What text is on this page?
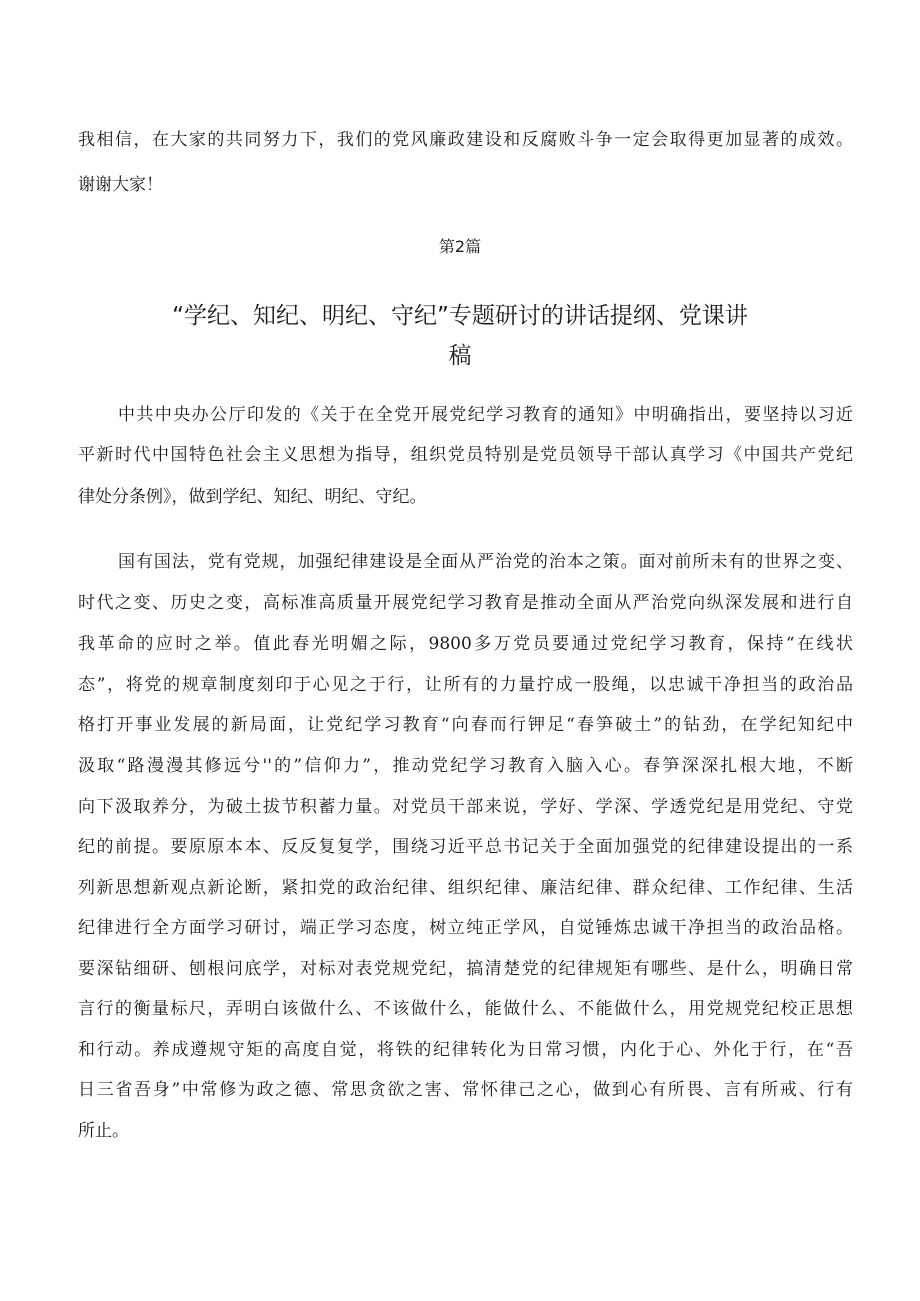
我相信，在大家的共同努力下，我们的党风廉政建设和反腐败斗争一定会取得更加显著的成效。
谢谢大家！
第2篇
“学纪、知纪、明纪、守纪”专题研讨的讲话提纲、党课讲
稿
中共中央办公厅印发的《关于在全党开展党纪学习教育的通知》中明确指出，要坚持以习近
平新时代中国特色社会主义思想为指导，组织党员特别是党员领导干部认真学习《中国共产党纪
律处分条例》，做到学纪、知纪、明纪、守纪。
国有国法，党有党规，加强纪律建设是全面从严治党的治本之策。面对前所未有的世界之变、
时代之变、历史之变，高标准高质量开展党纪学习教育是推动全面从严治党向纵深发展和进行自
我革命的应时之举。值此春光明媚之际，9800多万党员要通过党纪学习教育，保持“在线状
态”，将党的规章制度刻印于心见之于行，让所有的力量拧成一股绳，以忠诚干净担当的政治品
格打开事业发展的新局面，让党纪学习教育“向春而行钾足“春笋破土”的钻劲，在学纪知纪中
汲取“路漫漫其修远兮''的”信仰力”，推动党纪学习教育入脑入心。春笋深深扎根大地，不断
向下汲取养分，为破土拔节积蓄力量。对党员干部来说，学好、学深、学透党纪是用党纪、守党
纪的前提。要原原本本、反反复复学，围绕习近平总书记关于全面加强党的纪律建设提出的一系
列新思想新观点新论断，紧扣党的政治纪律、组织纪律、廉洁纪律、群众纪律、工作纪律、生活
纪律进行全方面学习研讨，端正学习态度，树立纯正学风，自觉锤炼忠诚干净担当的政治品格。
要深钻细研、刨根问底学，对标对表党规党纪，搞清楚党的纪律规矩有哪些、是什么，明确日常
言行的衡量标尺，弄明白该做什么、不该做什么，能做什么、不能做什么，用党规党纪校正思想
和行动。养成遵规守矩的高度自觉，将铁的纪律转化为日常习惯，内化于心、外化于行，在“吾
日三省吾身”中常修为政之德、常思贪欲之害、常怀律己之心，做到心有所畏、言有所戒、行有
所止。
